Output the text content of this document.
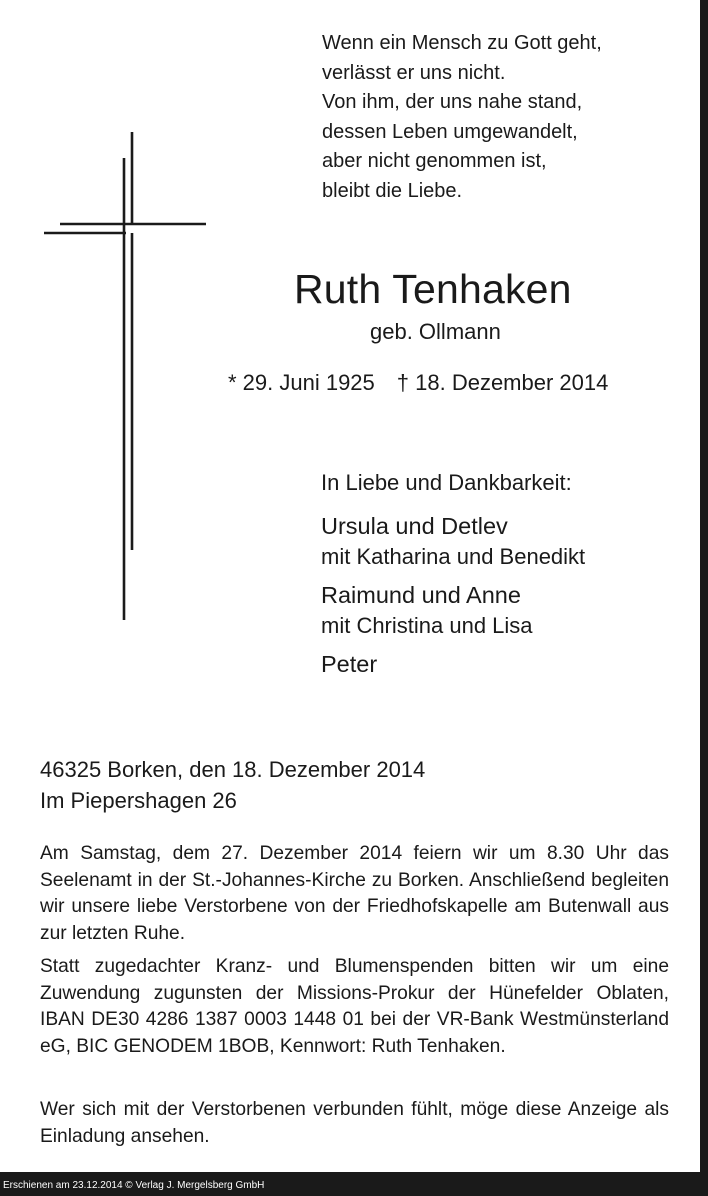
Wenn ein Mensch zu Gott geht,
verlässt er uns nicht.
Von ihm, der uns nahe stand,
dessen Leben umgewandelt,
aber nicht genommen ist,
bleibt die Liebe.
Ruth Tenhaken
geb. Ollmann
* 29. Juni 1925 † 18. Dezember 2014
In Liebe und Dankbarkeit:
Ursula und Detlev
mit Katharina und Benedikt
Raimund und Anne
mit Christina und Lisa
Peter
46325 Borken, den 18. Dezember 2014
Im Piepershagen 26

Am Samstag, dem 27. Dezember 2014 feiern wir um 8.30 Uhr das Seelenamt in der St.-Johannes-Kirche zu Borken. Anschließend begleiten wir unsere liebe Verstorbene von der Friedhofskapelle am Butenwall aus zur letzten Ruhe.

Statt zugedachter Kranz- und Blumenspenden bitten wir um eine Zuwendung zugunsten der Missions-Prokur der Hünefelder Oblaten, IBAN DE30 4286 1387 0003 1448 01 bei der VR-Bank Westmünsterland eG, BIC GENODEM 1BOB, Kennwort: Ruth Tenhaken.

Wer sich mit der Verstorbenen verbunden fühlt, möge diese Anzeige als Einladung ansehen.

Erschienen am 23.12.2014 © Verlag J. Mergelsberg GmbH
